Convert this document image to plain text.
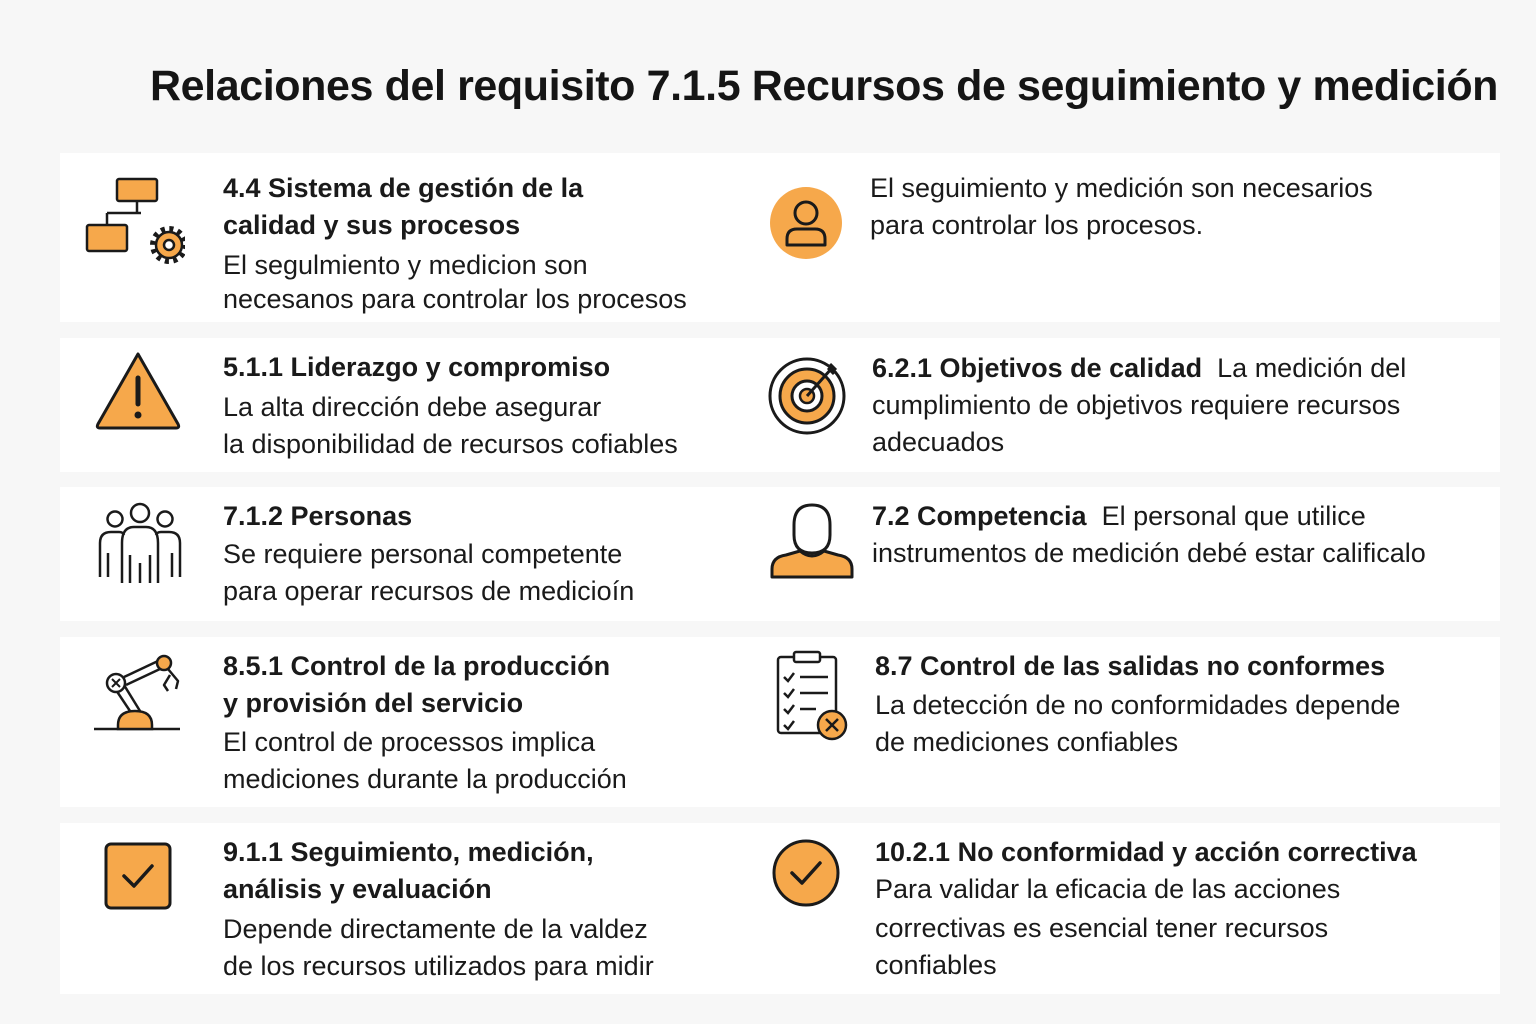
Relaciones del requisito 7.1.5 Recursos de seguimiento y medición
4.4 Sistema de gestión de la
calidad y sus procesos
El segulmiento y medicion son
necesanos para controlar los procesos
El seguimiento y medición son necesarios
para controlar los procesos.
5.1.1 Liderazgo y compromiso
La alta dirección debe asegurar
la disponibilidad de recursos cofiables
6.2.1 Objetivos de calidad La medición del
cumplimiento de objetivos requiere recursos
adecuados
7.1.2 Personas
Se requiere personal competente
para operar recursos de medicioín
7.2 Competencia El personal que utilice
instrumentos de medición debé estar calificalo
8.5.1 Control de la producción
y provisión del servicio
El control de processos implica
mediciones durante la producción
8.7 Control de las salidas no conformes
La detección de no conformidades depende
de mediciones confiables
9.1.1 Seguimiento, medición,
análisis y evaluación
Depende directamente de la valdez
de los recursos utilizados para midir
10.2.1 No conformidad y acción correctiva
Para validar la eficacia de las acciones
correctivas es esencial tener recursos
confiables
